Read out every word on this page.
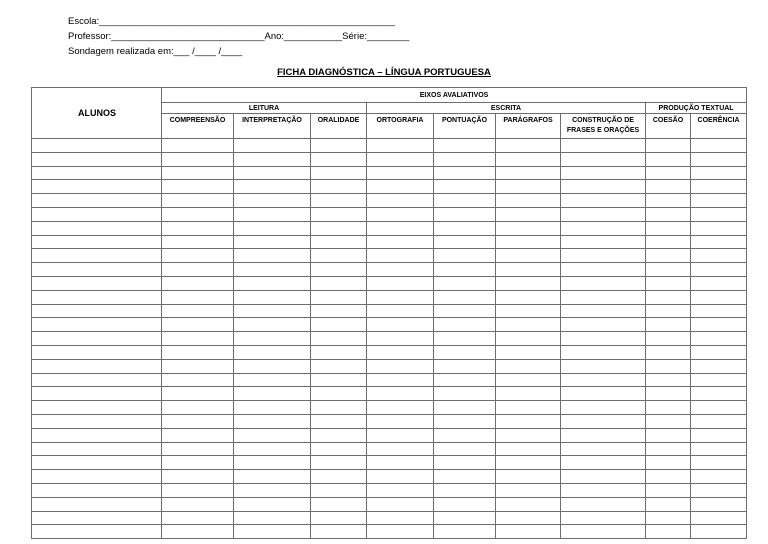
Escola:________________________________________________________
Professor:_____________________________Ano:___________Série:________
Sondagem realizada em:___ /____ /____
FICHA DIAGNÓSTICA – LÍNGUA PORTUGUESA
ALUNOS	EIXOS AVALIATIVOS								
	LEITURA			ESCRITA				PRODUÇÃO TEXTUAL	
	COMPREENSÃO	INTERPRETAÇÃO	ORALIDADE	ORTOGRAFIA	PONTUAÇÃO	PARÁGRAFOS	CONSTRUÇÃO DE
FRASES E ORAÇÕES	COESÃO	COERÊNCIA
